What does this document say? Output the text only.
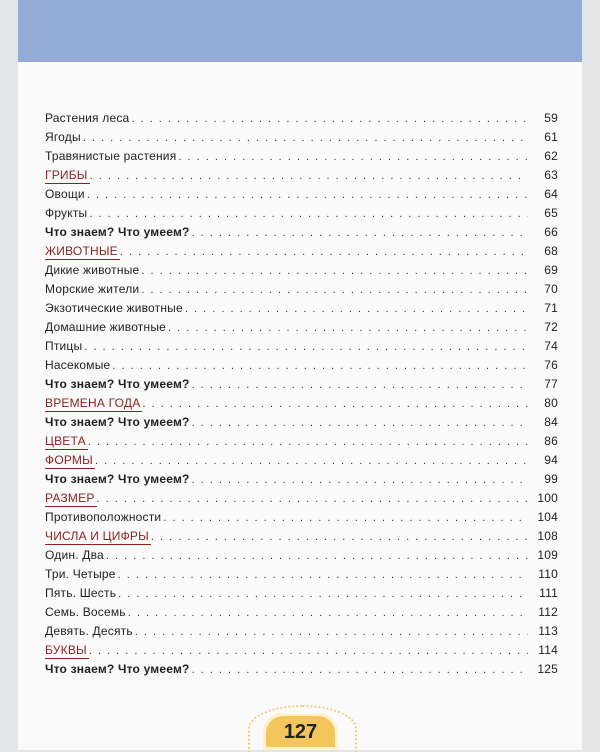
Растения леса . . .	59
Ягоды . . .	61
Травянистые растения . . .	62
ГРИБЫ . . .	63
Овощи . . .	64
Фрукты . . .	65
Что знаем? Что умеем? . . .	66
ЖИВОТНЫЕ . . .	68
Дикие животные . . .	69
Морские жители . . .	70
Экзотические животные . . .	71
Домашние животные . . .	72
Птицы . . .	74
Насекомые . . .	76
Что знаем? Что умеем? . . .	77
ВРЕМЕНА ГОДА . . .	80
Что знаем? Что умеем? . . .	84
ЦВЕТА . . .	86
ФОРМЫ . . .	94
Что знаем? Что умеем? . . .	99
РАЗМЕР . . .	100
Противоположности . . .	104
ЧИСЛА И ЦИФРЫ . . .	108
Один. Два . . .	109
Три. Четыре . . .	110
Пять. Шесть . . .	111
Семь. Восемь . . .	112
Девять. Десять . . .	113
БУКВЫ . . .	114
Что знаем? Что умеем? . . .	125
127
